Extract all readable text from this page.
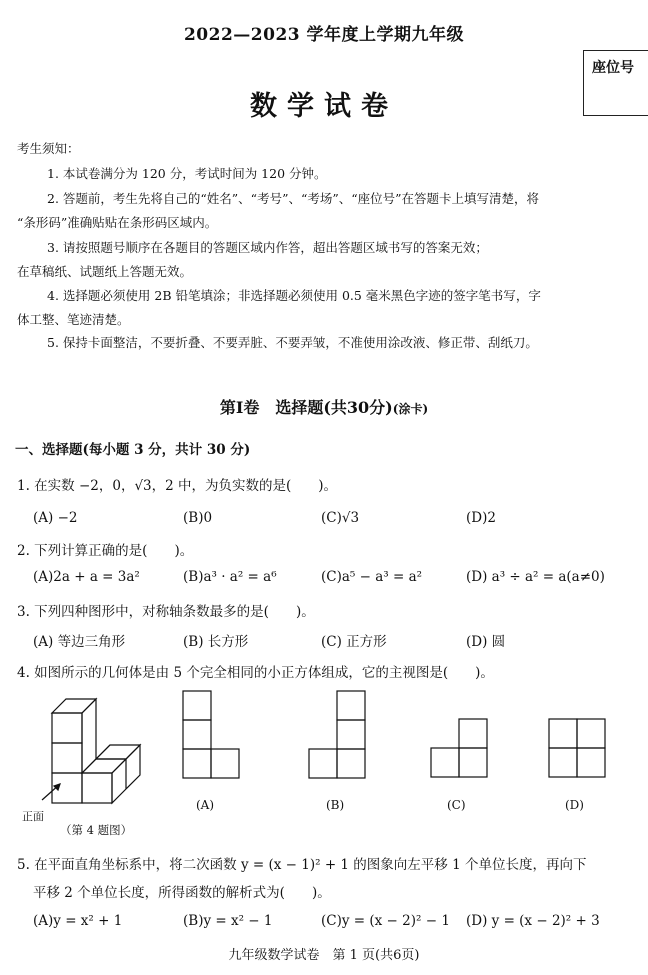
2022—2023 学年度上学期九年级
数学试卷
座位号
考生须知：
1. 本试卷满分为 120 分，考试时间为 120 分钟。
2. 答题前，考生先将自己的“姓名”、“考号”、“考场”、“座位号”在答题卡上填写清楚，将
“条形码”准确贴贴在条形码区域内。
3. 请按照题号顺序在各题目的答题区域内作答，超出答题区域书写的答案无效；
在草稿纸、试题纸上答题无效。
4. 选择题必须使用 2B 铅笔填涂；非选择题必须使用 0.5 毫米黑色字迹的签字笔书写，字
体工整、笔迹清楚。
5. 保持卡面整洁，不要折叠、不要弄脏、不要弄皱，不准使用涂改液、修正带、刮纸刀。
第Ⅰ卷　选择题(共30分)(涂卡)
一、选择题(每小题 3 分，共计 30 分)
1. 在实数 −2，0，√3，2 中，为负实数的是(　　)。
(A) −2	(B)0	(C)√3	(D)2
2. 下列计算正确的是(　　)。
(A)2a + a = 3a²	(B)a³ · a² = a⁶	(C)a⁵ − a³ = a²	(D) a³ ÷ a² = a(a≠0)
3. 下列四种图形中，对称轴条数最多的是(　　)。
(A) 等边三角形	(B) 长方形	(C) 正方形	(D) 圆
4. 如图所示的几何体是由 5 个完全相同的小正方体组成，它的主视图是(　　)。
正面
（第 4 题图）
(A)	(B)	(C)	(D)
5. 在平面直角坐标系中，将二次函数 y = (x − 1)² + 1 的图象向左平移 1 个单位长度，再向下
平移 2 个单位长度，所得函数的解析式为(　　)。
(A)y = x² + 1	(B)y = x² − 1	(C)y = (x − 2)² − 1 (D) y = (x − 2)² + 3
九年级数学试卷　第 1 页(共6页)
